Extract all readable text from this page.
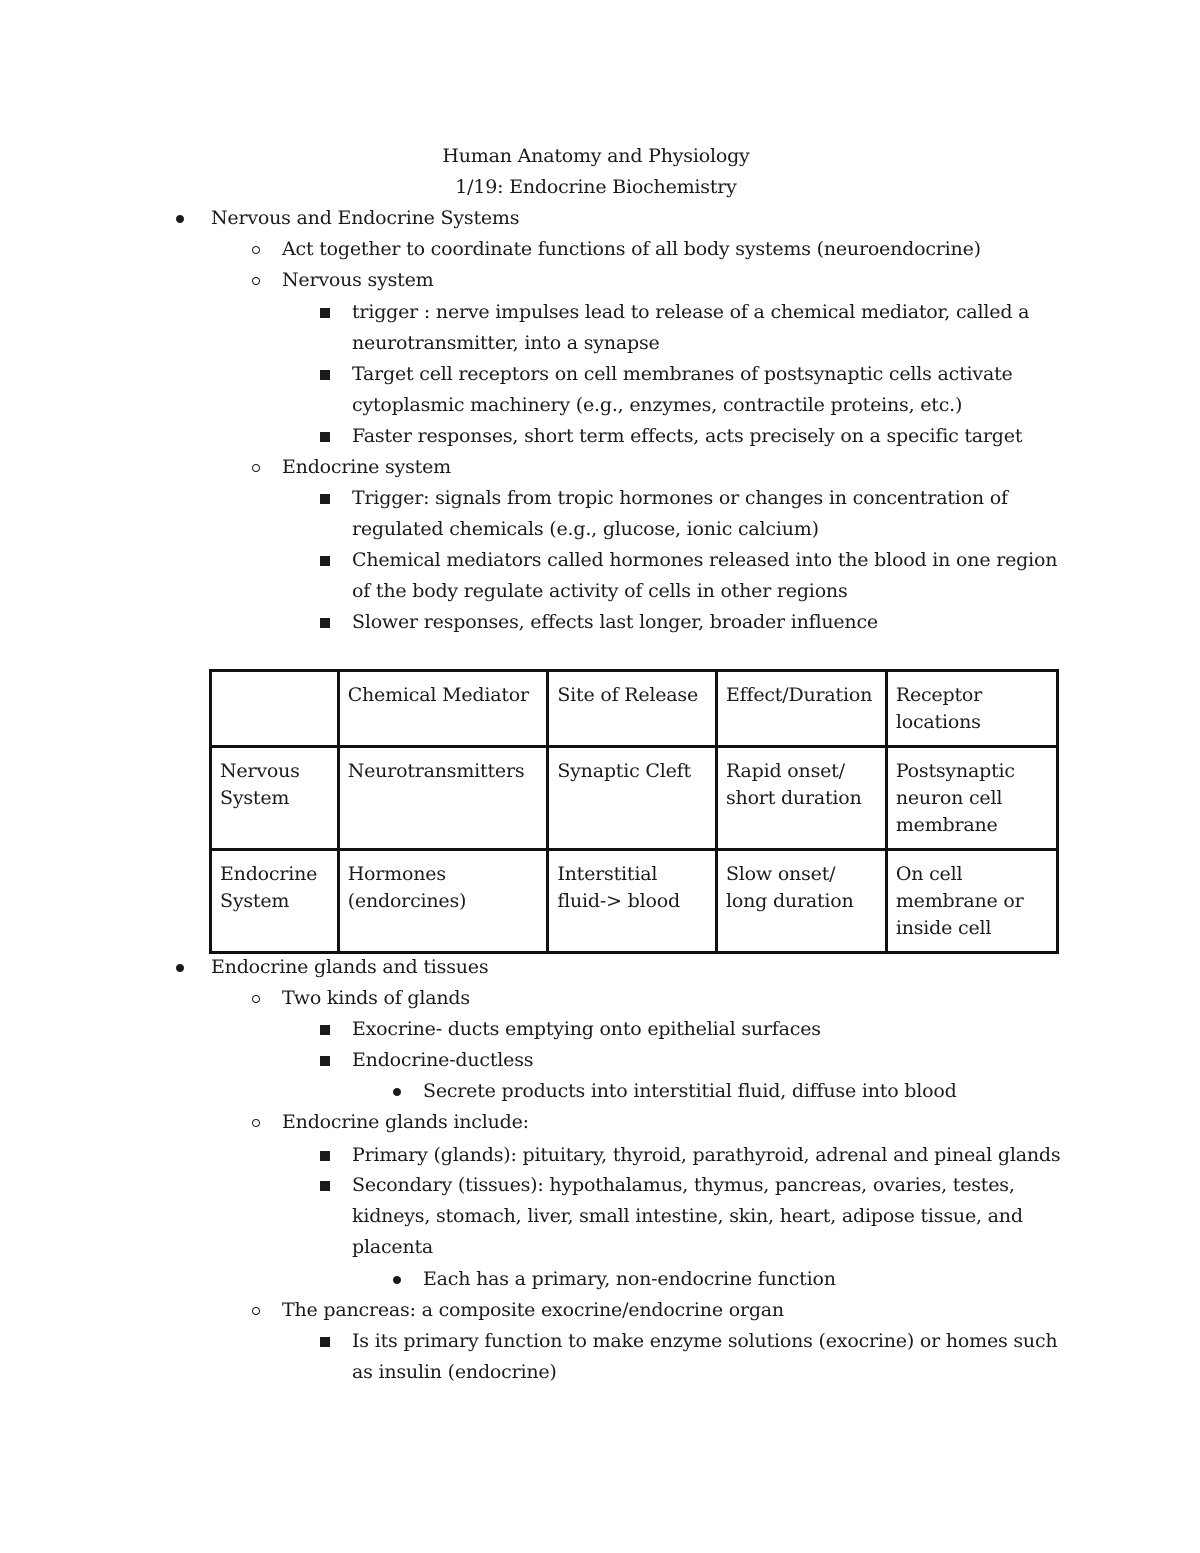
Human Anatomy and Physiology
1/19: Endocrine Biochemistry
Nervous and Endocrine Systems
Act together to coordinate functions of all body systems (neuroendocrine)
Nervous system
trigger : nerve impulses lead to release of a chemical mediator, called a
neurotransmitter, into a synapse
Target cell receptors on cell membranes of postsynaptic cells activate
cytoplasmic machinery (e.g., enzymes, contractile proteins, etc.)
Faster responses, short term effects, acts precisely on a specific target
Endocrine system
Trigger: signals from tropic hormones or changes in concentration of
regulated chemicals (e.g., glucose, ionic calcium)
Chemical mediators called hormones released into the blood in one region
of the body regulate activity of cells in other regions
Slower responses, effects last longer, broader influence
	Chemical Mediator	Site of Release	Effect/Duration	Receptor locations
Nervous System	Neurotransmitters	Synaptic Cleft	Rapid onset/ short duration	Postsynaptic neuron cell membrane
Endocrine System	Hormones (endorcines)	Interstitial fluid-> blood	Slow onset/ long duration	On cell membrane or inside cell
Endocrine glands and tissues
Two kinds of glands
Exocrine- ducts emptying onto epithelial surfaces
Endocrine-ductless
Secrete products into interstitial fluid, diffuse into blood
Endocrine glands include:
Primary (glands): pituitary, thyroid, parathyroid, adrenal and pineal glands
Secondary (tissues): hypothalamus, thymus, pancreas, ovaries, testes,
kidneys, stomach, liver, small intestine, skin, heart, adipose tissue, and
placenta
Each has a primary, non-endocrine function
The pancreas: a composite exocrine/endocrine organ
Is its primary function to make enzyme solutions (exocrine) or homes such
as insulin (endocrine)
